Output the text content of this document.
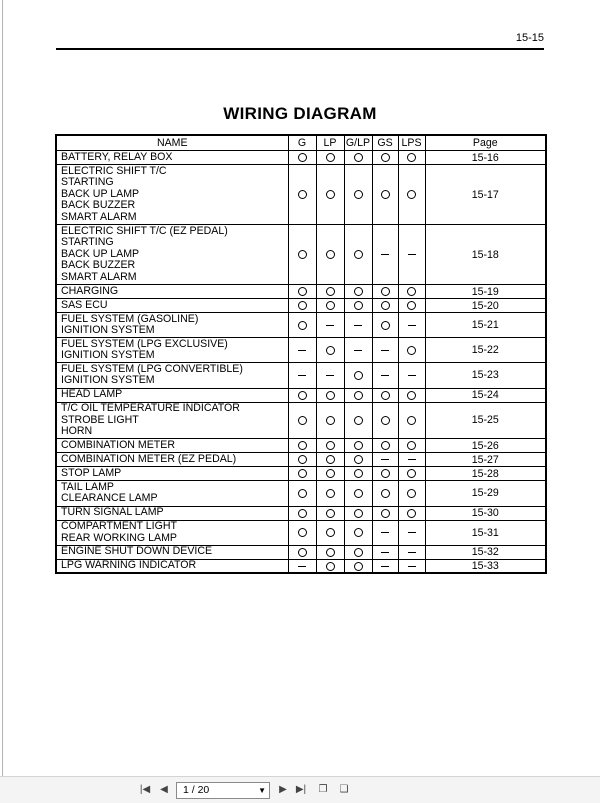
15-15
WIRING DIAGRAM
NAME	G	LP	G/LP	GS	LPS	Page

BATTERY, RELAY BOX						15-16

ELECTRIC SHIFT T/C
STARTING
BACK UP LAMP
BACK BUZZER
SMART ALARM						15-17

ELECTRIC SHIFT T/C (EZ PEDAL)
STARTING
BACK UP LAMP
BACK BUZZER
SMART ALARM						15-18

CHARGING						15-19

SAS ECU						15-20

FUEL SYSTEM (GASOLINE)
IGNITION SYSTEM						15-21

FUEL SYSTEM (LPG EXCLUSIVE)
IGNITION SYSTEM						15-22

FUEL SYSTEM (LPG CONVERTIBLE)
IGNITION SYSTEM						15-23

HEAD LAMP						15-24

T/C OIL TEMPERATURE INDICATOR
STROBE LIGHT
HORN						15-25

COMBINATION METER						15-26

COMBINATION METER (EZ PEDAL)						15-27

STOP LAMP						15-28

TAIL LAMP
CLEARANCE LAMP						15-29

TURN SIGNAL LAMP						15-30

COMPARTMENT LIGHT
REAR WORKING LAMP						15-31

ENGINE SHUT DOWN DEVICE						15-32

LPG WARNING INDICATOR						15-33
|◀	◀	1 / 20	▼	▶ ▶| ❐ ❑
